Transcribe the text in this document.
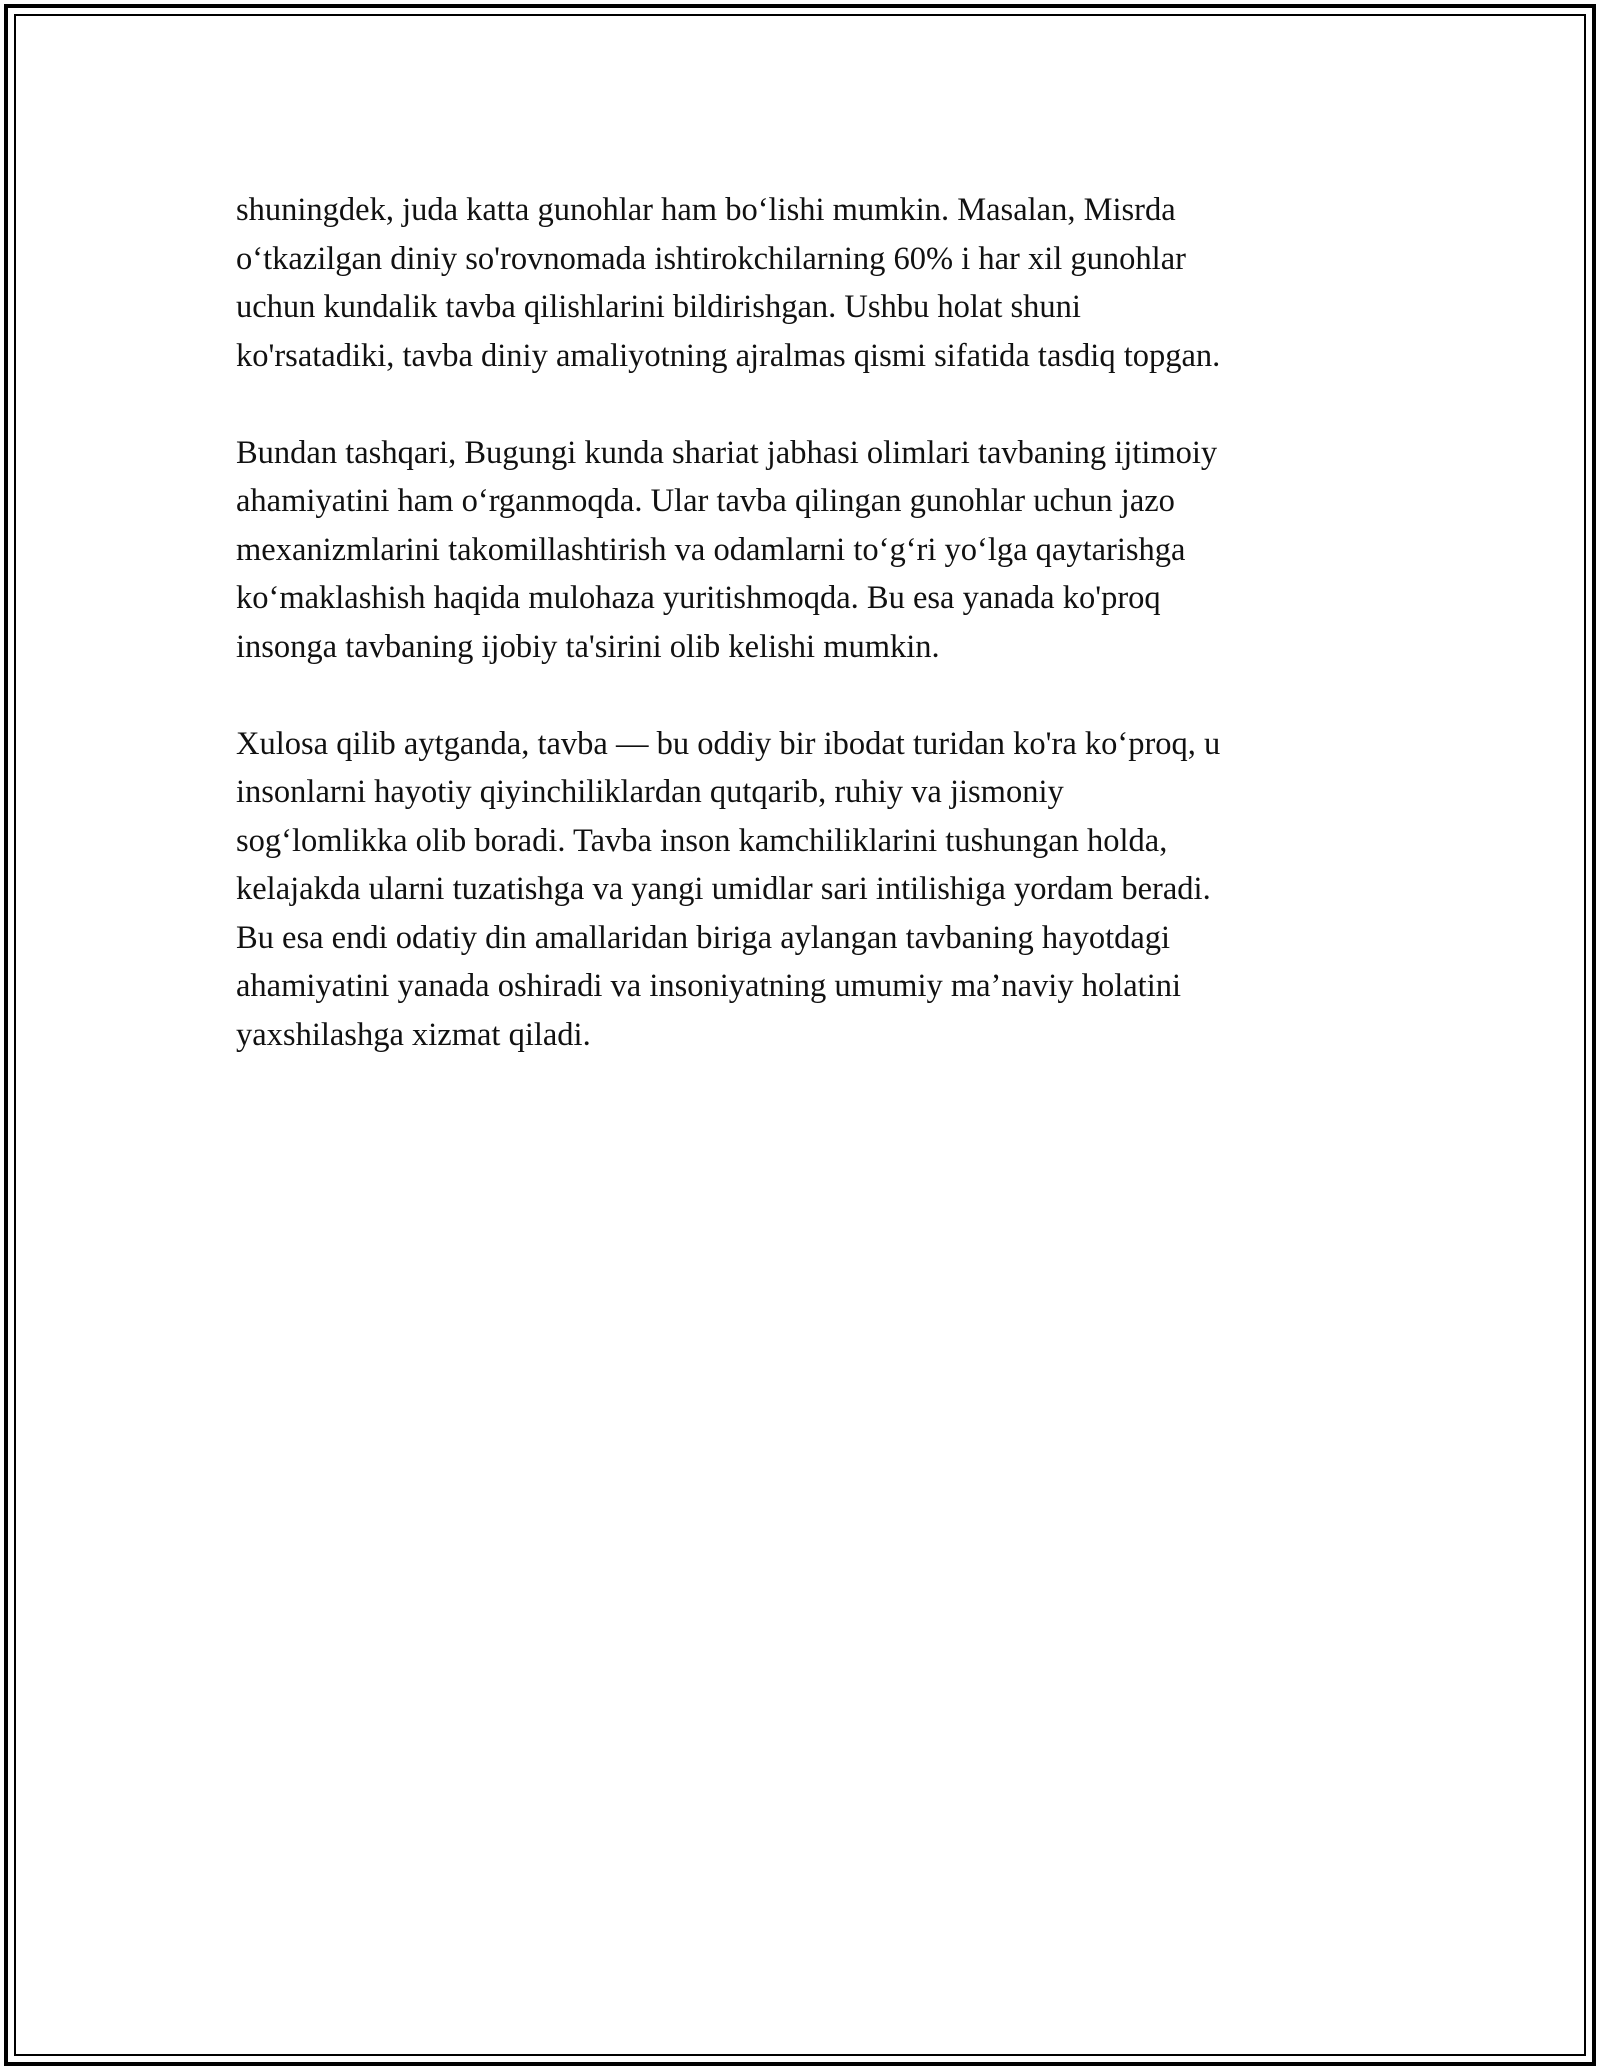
shuningdek, juda katta gunohlar ham bo‘lishi mumkin. Masalan, Misrda
o‘tkazilgan diniy so'rovnomada ishtirokchilarning 60% i har xil gunohlar
uchun kundalik tavba qilishlarini bildirishgan. Ushbu holat shuni
ko'rsatadiki, tavba diniy amaliyotning ajralmas qismi sifatida tasdiq topgan.

Bundan tashqari, Bugungi kunda shariat jabhasi olimlari tavbaning ijtimoiy
ahamiyatini ham o‘rganmoqda. Ular tavba qilingan gunohlar uchun jazo
mexanizmlarini takomillashtirish va odamlarni to‘g‘ri yo‘lga qaytarishga
ko‘maklashish haqida mulohaza yuritishmoqda. Bu esa yanada ko'proq
insonga tavbaning ijobiy ta'sirini olib kelishi mumkin.

Xulosa qilib aytganda, tavba — bu oddiy bir ibodat turidan ko'ra ko‘proq, u
insonlarni hayotiy qiyinchiliklardan qutqarib, ruhiy va jismoniy
sog‘lomlikka olib boradi. Tavba inson kamchiliklarini tushungan holda,
kelajakda ularni tuzatishga va yangi umidlar sari intilishiga yordam beradi.
Bu esa endi odatiy din amallaridan biriga aylangan tavbaning hayotdagi
ahamiyatini yanada oshiradi va insoniyatning umumiy ma’naviy holatini
yaxshilashga xizmat qiladi.
